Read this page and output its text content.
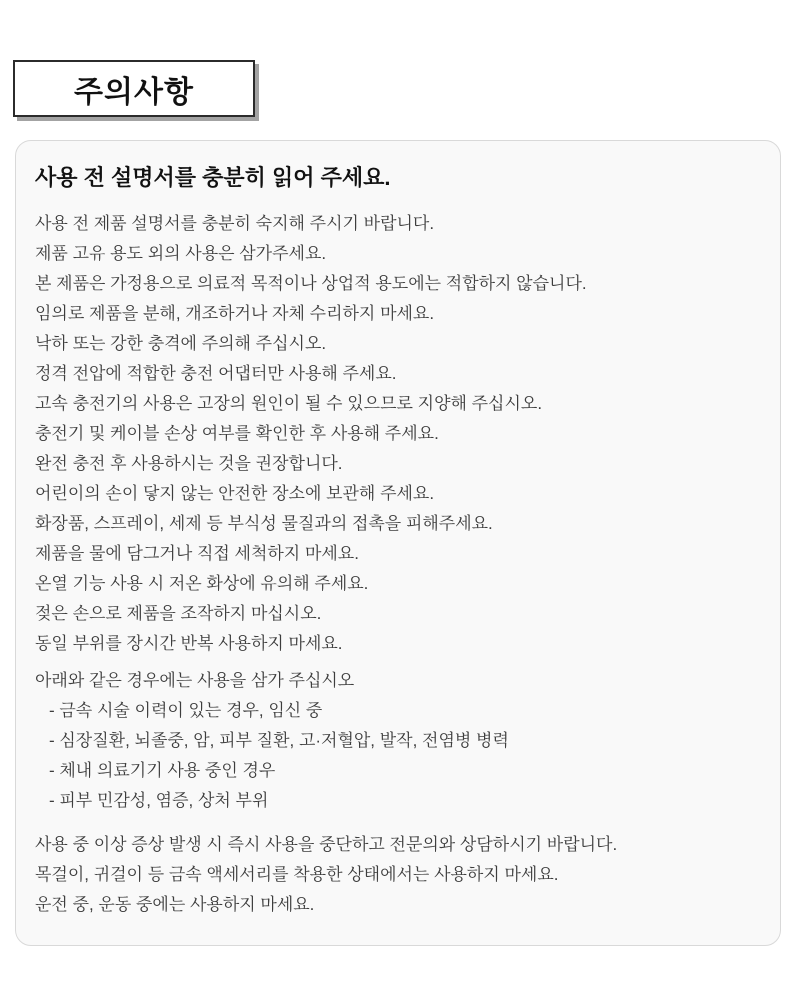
주의사항
사용 전 설명서를 충분히 읽어 주세요.

사용 전 제품 설명서를 충분히 숙지해 주시기 바랍니다.

제품 고유 용도 외의 사용은 삼가주세요.

본 제품은 가정용으로 의료적 목적이나 상업적 용도에는 적합하지 않습니다.

임의로 제품을 분해, 개조하거나 자체 수리하지 마세요.

낙하 또는 강한 충격에 주의해 주십시오.

정격 전압에 적합한 충전 어댑터만 사용해 주세요.

고속 충전기의 사용은 고장의 원인이 될 수 있으므로 지양해 주십시오.

충전기 및 케이블 손상 여부를 확인한 후 사용해 주세요.

완전 충전 후 사용하시는 것을 권장합니다.

어린이의 손이 닿지 않는 안전한 장소에 보관해 주세요.

화장품, 스프레이, 세제 등 부식성 물질과의 접촉을 피해주세요.

제품을 물에 담그거나 직접 세척하지 마세요.

온열 기능 사용 시 저온 화상에 유의해 주세요.

젖은 손으로 제품을 조작하지 마십시오.

동일 부위를 장시간 반복 사용하지 마세요.

아래와 같은 경우에는 사용을 삼가 주십시오

- 금속 시술 이력이 있는 경우, 임신 중

- 심장질환, 뇌졸중, 암, 피부 질환, 고·저혈압, 발작, 전염병 병력

- 체내 의료기기 사용 중인 경우

- 피부 민감성, 염증, 상처 부위

사용 중 이상 증상 발생 시 즉시 사용을 중단하고 전문의와 상담하시기 바랍니다.

목걸이, 귀걸이 등 금속 액세서리를 착용한 상태에서는 사용하지 마세요.

운전 중, 운동 중에는 사용하지 마세요.
